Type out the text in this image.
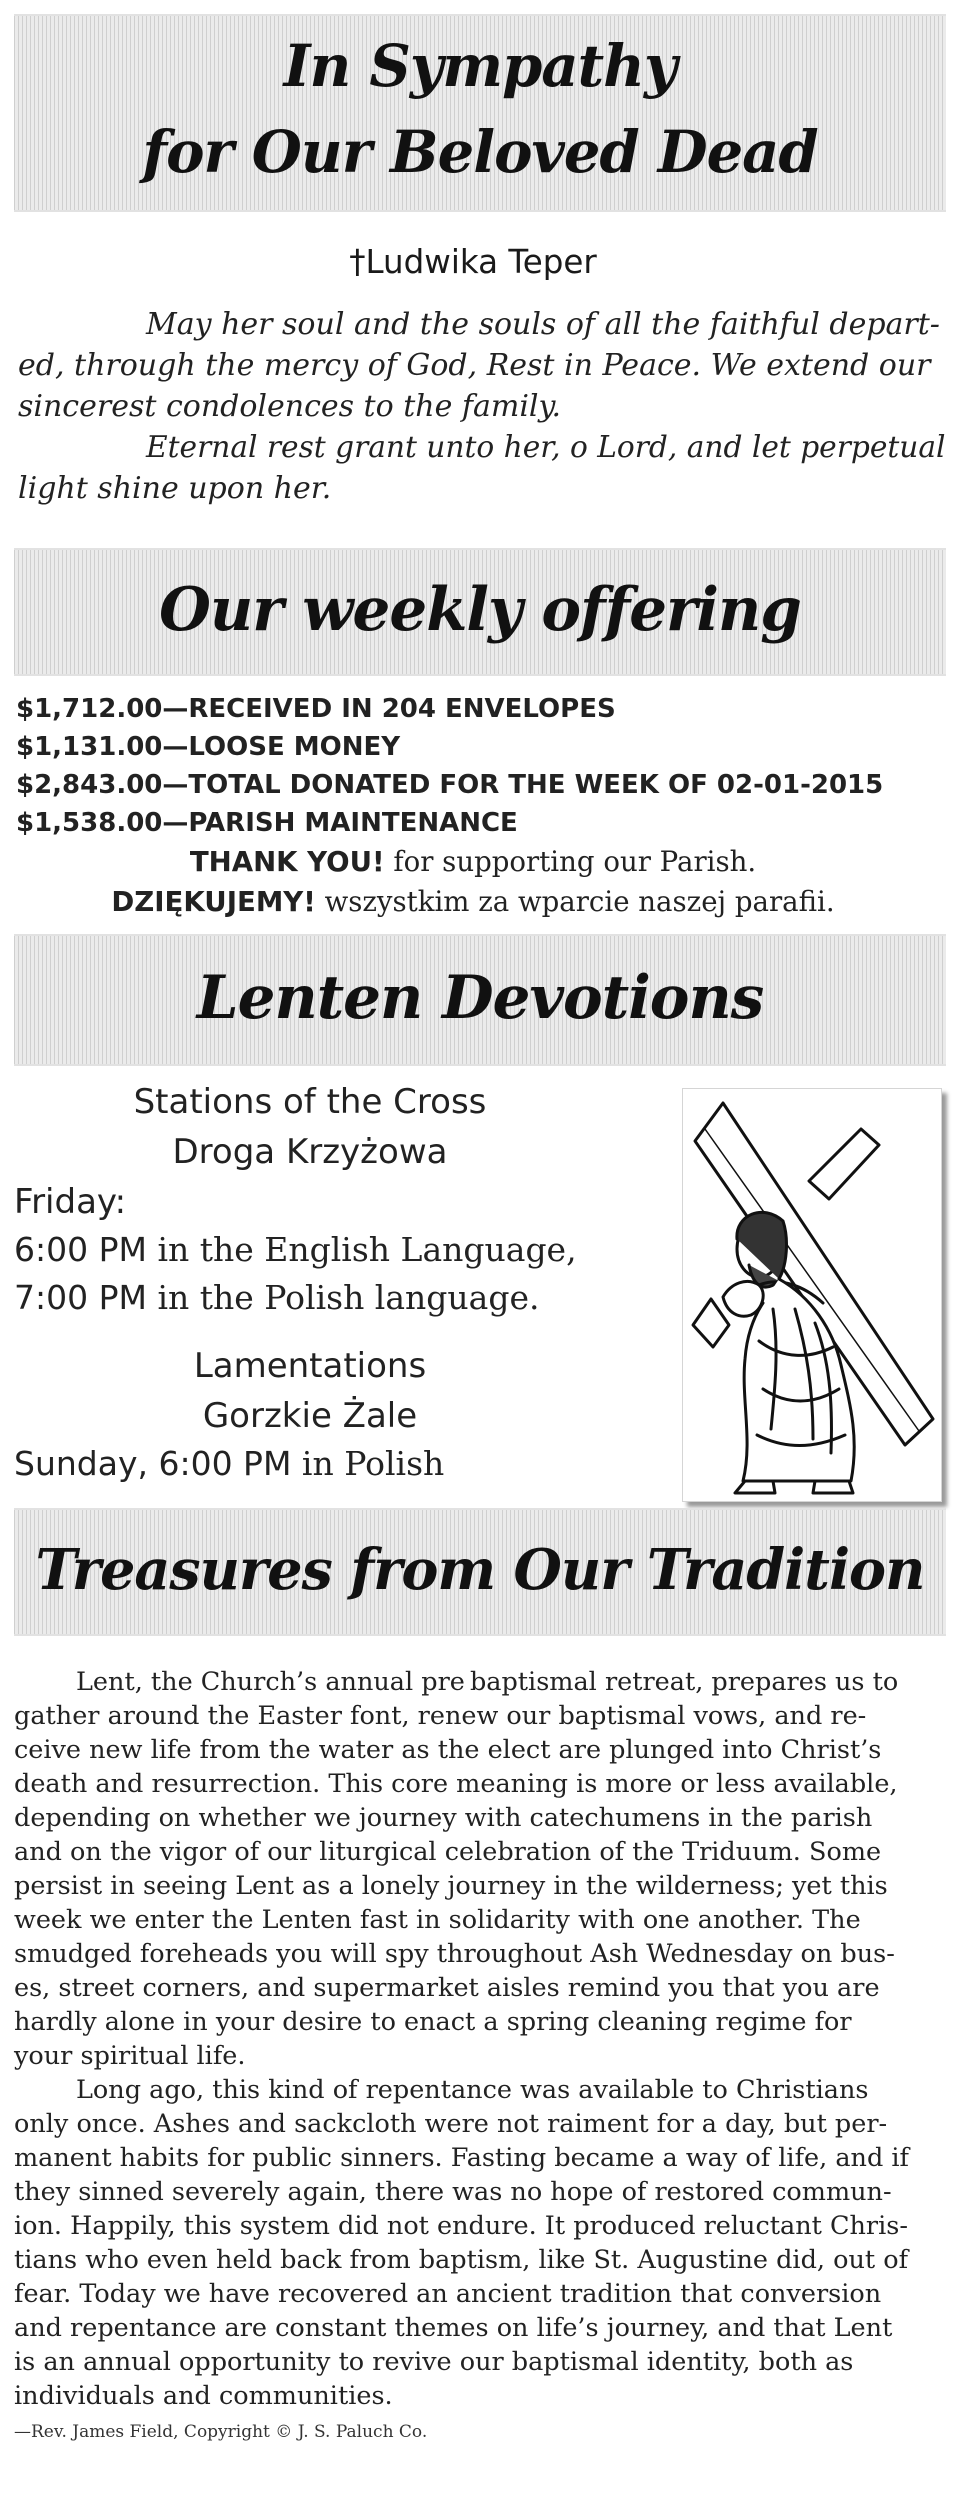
In Sympathy
for Our Beloved Dead
†Ludwika Teper
May her soul and the souls of all the faithful depart-
ed, through the mercy of God, Rest in Peace. We extend our
sincerest condolences to the family.
Eternal rest grant unto her, o Lord, and let perpetual
light shine upon her.
Our weekly offering
$1,712.00—RECEIVED IN 204 ENVELOPES
$1,131.00—LOOSE MONEY
$2,843.00—TOTAL DONATED FOR THE WEEK OF 02-01-2015
$1,538.00—PARISH MAINTENANCE
THANK YOU! for supporting our Parish.
DZIĘKUJEMY! wszystkim za wparcie naszej parafii.
Lenten Devotions
Stations of the Cross
Droga Krzyżowa
Friday:
6:00 PM in the English Language,
7:00 PM in the Polish language.
Lamentations
Gorzkie Żale
Sunday, 6:00 PM in Polish
Treasures from Our Tradition
Lent, the Church’s annual pre baptismal retreat, prepares us to
gather around the Easter font, renew our baptismal vows, and re-
ceive new life from the water as the elect are plunged into Christ’s
death and resurrection. This core meaning is more or less available,
depending on whether we journey with catechumens in the parish
and on the vigor of our liturgical celebration of the Triduum. Some
persist in seeing Lent as a lonely journey in the wilderness; yet this
week we enter the Lenten fast in solidarity with one another. The
smudged foreheads you will spy throughout Ash Wednesday on bus-
es, street corners, and supermarket aisles remind you that you are
hardly alone in your desire to enact a spring cleaning regime for
your spiritual life.
Long ago, this kind of repentance was available to Christians
only once. Ashes and sackcloth were not raiment for a day, but per-
manent habits for public sinners. Fasting became a way of life, and if
they sinned severely again, there was no hope of restored commun-
ion. Happily, this system did not endure. It produced reluctant Chris-
tians who even held back from baptism, like St. Augustine did, out of
fear. Today we have recovered an ancient tradition that conversion
and repentance are constant themes on life’s journey, and that Lent
is an annual opportunity to revive our baptismal identity, both as
individuals and communities.
—Rev. James Field, Copyright © J. S. Paluch Co.
